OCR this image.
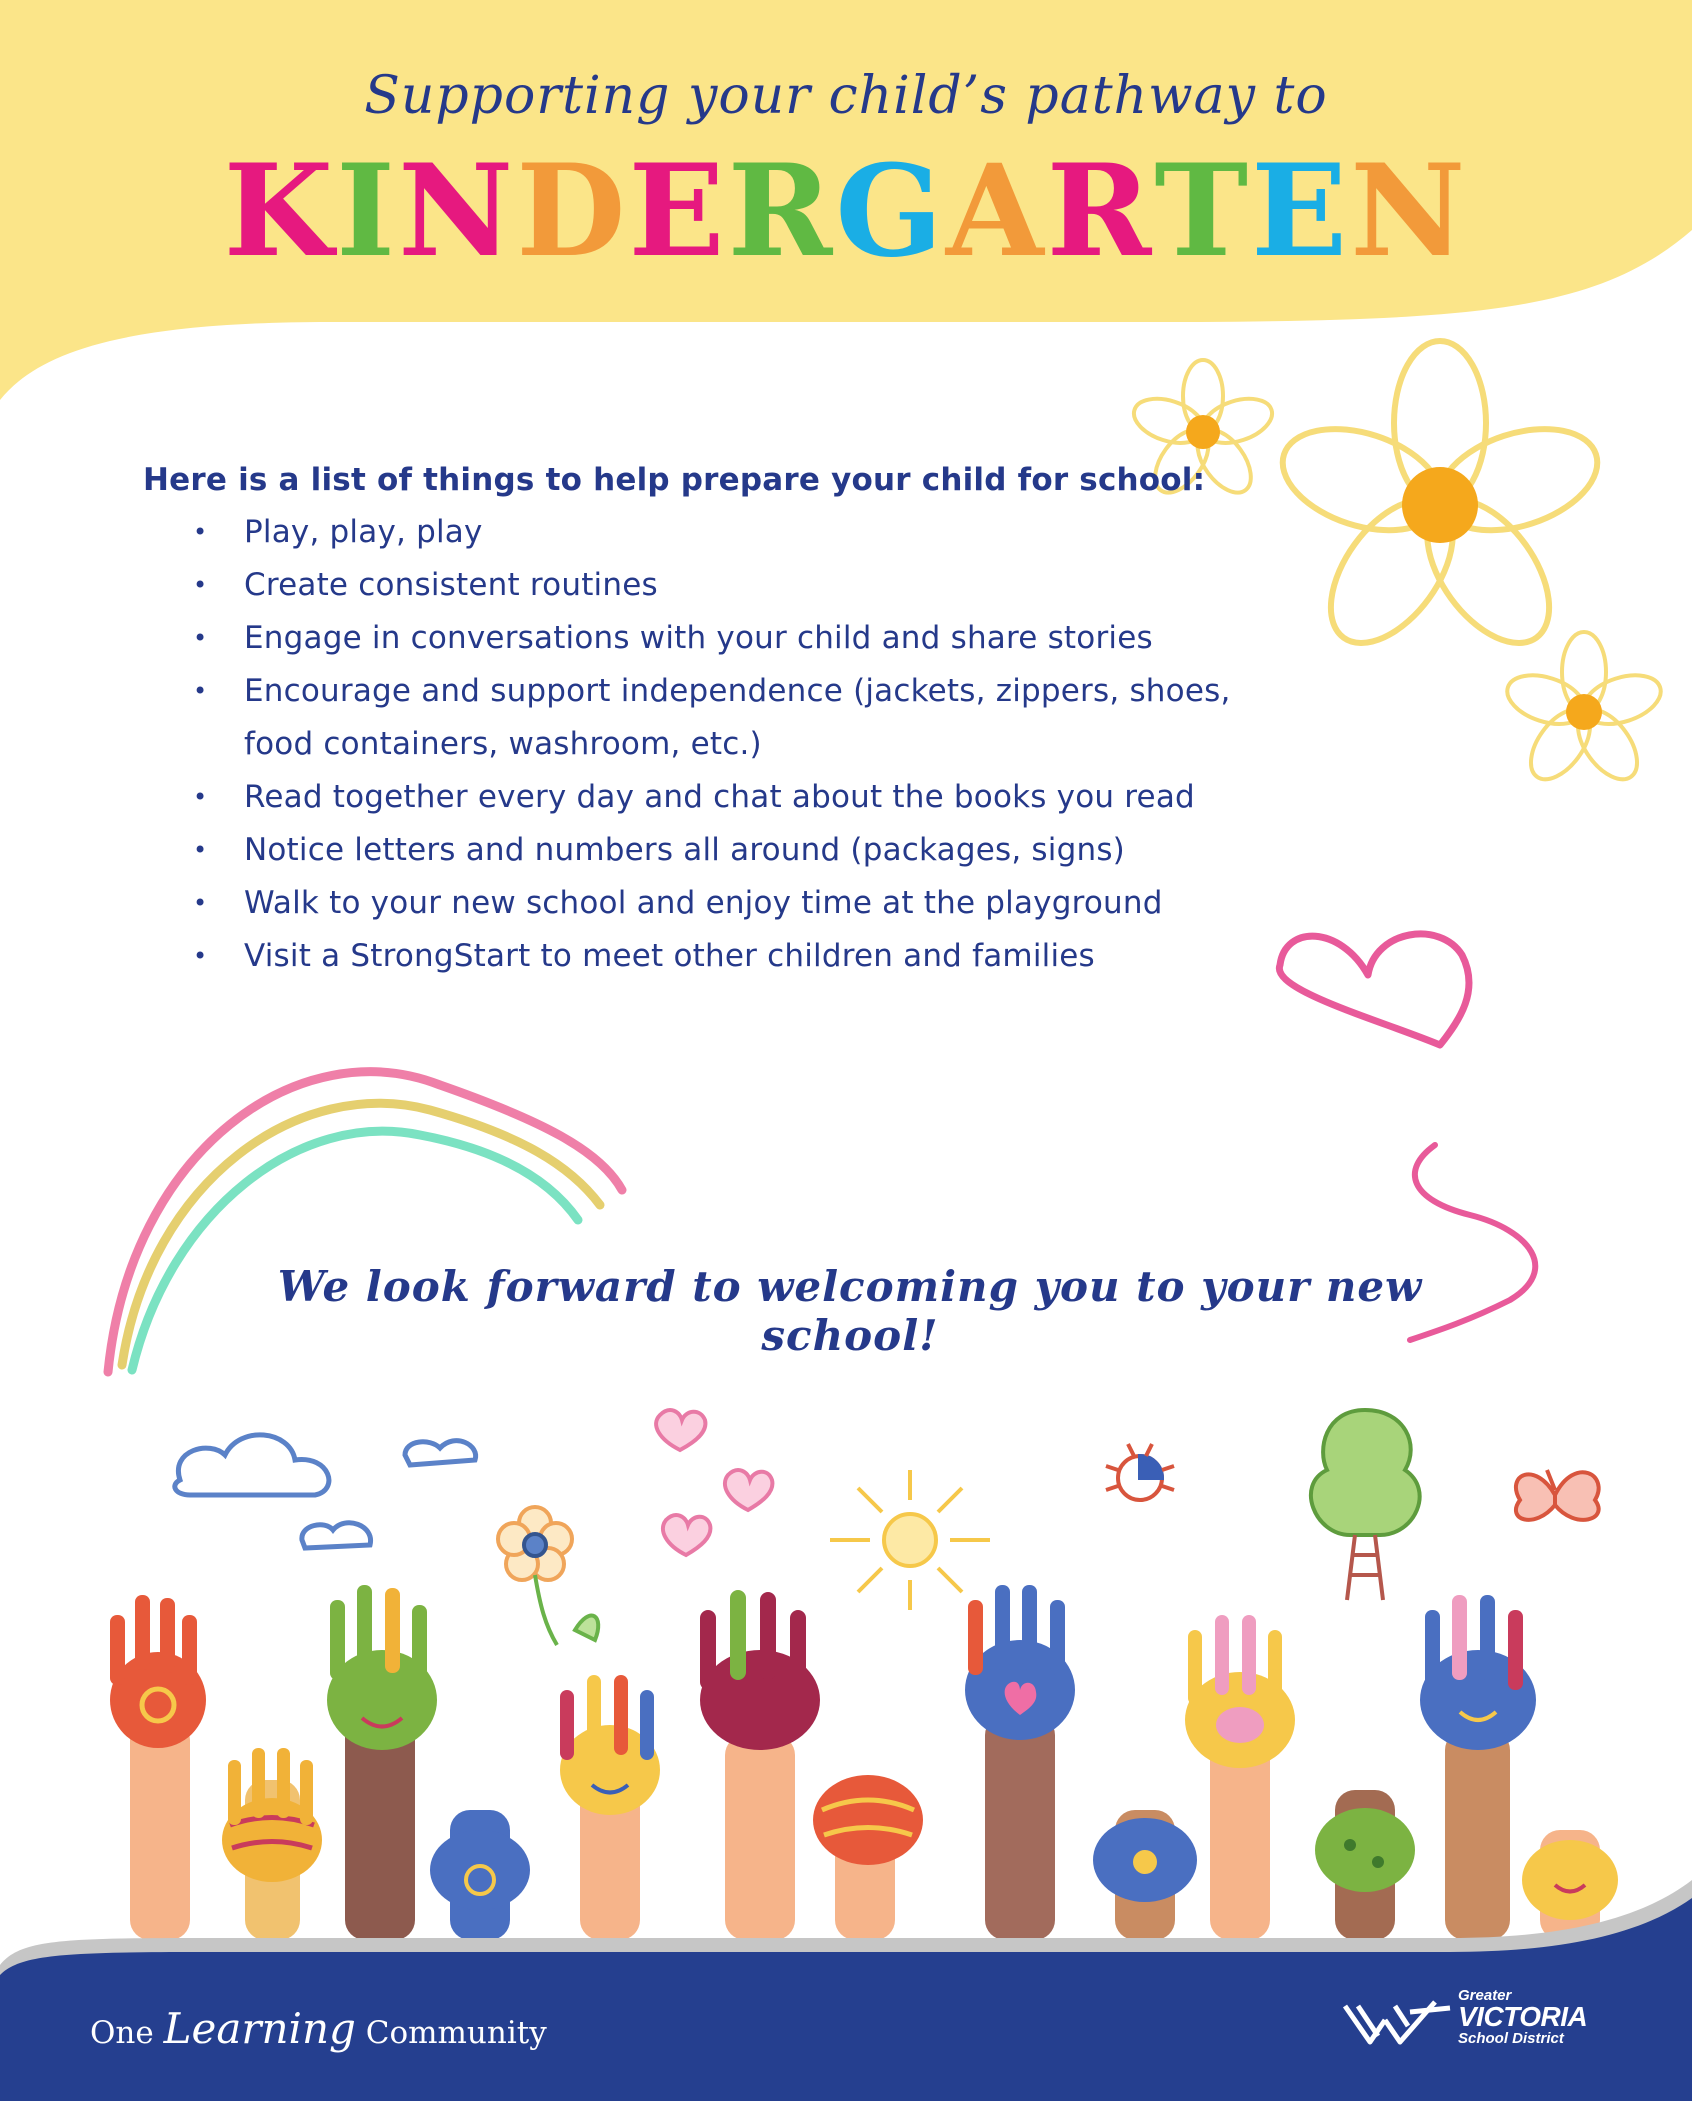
Supporting your child’s pathway to
KINDERGARTEN

Here is a list of things to help prepare your child for school:

• Play, play, play
• Create consistent routines
• Engage in conversations with your child and share stories
• Encourage and support independence (jackets, zippers, shoes,
food containers, washroom, etc.)
• Read together every day and chat about the books you read
• Notice letters and numbers all around (packages, signs)
• Walk to your new school and enjoy time at the playground
• Visit a StrongStart to meet other children and families
We look forward to welcoming you to your new school!
One Learning Community
Greater
VICTORIA
School District
